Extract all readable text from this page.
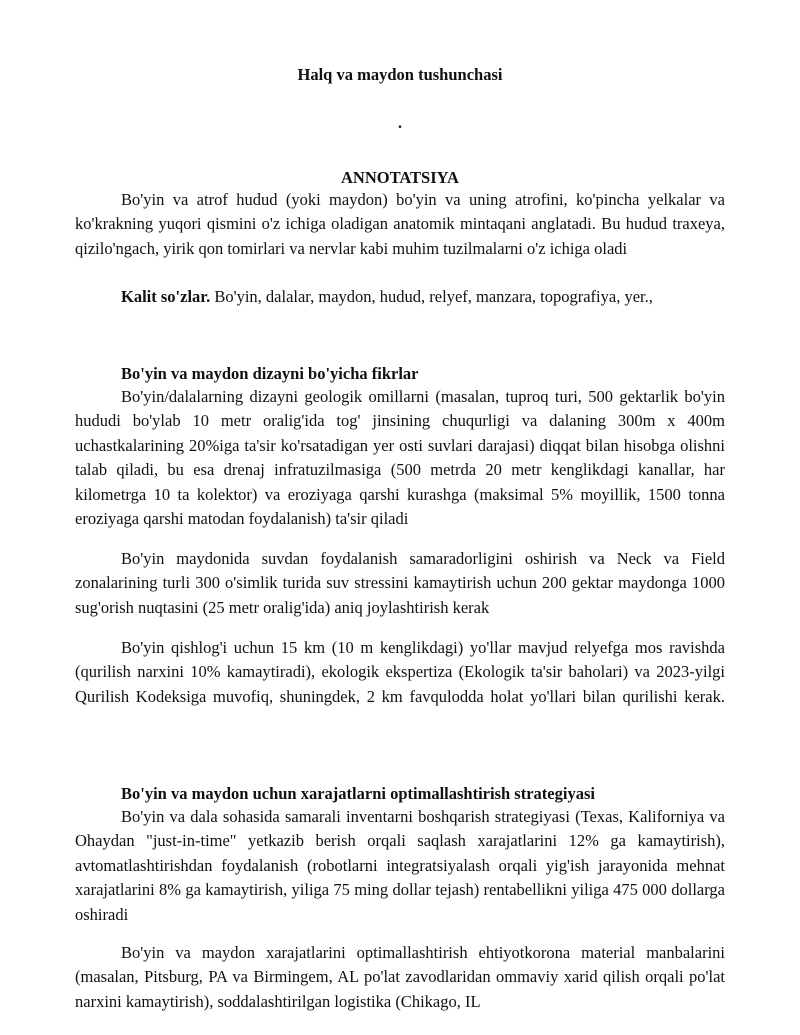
Halq va maydon tushunchasi
.
ANNOTATSIYA

Bo'yin va atrof hudud (yoki maydon) bo'yin va uning atrofini, ko'pincha yelkalar va ko'krakning yuqori qismini o'z ichiga oladigan anatomik mintaqani anglatadi. Bu hudud traxeya, qizilo'ngach, yirik qon tomirlari va nervlar kabi muhim tuzilmalarni o'z ichiga oladi

Kalit so'zlar. Bo'yin, dalalar, maydon, hudud, relyef, manzara, topografiya, yer.,

Bo'yin va maydon dizayni bo'yicha fikrlar

Bo'yin/dalalarning dizayni geologik omillarni (masalan, tuproq turi, 500 gektarlik bo'yin hududi bo'ylab 10 metr oralig'ida tog' jinsining chuqurligi va dalaning 300m x 400m uchastkalarining 20%iga ta'sir ko'rsatadigan yer osti suvlari darajasi) diqqat bilan hisobga olishni talab qiladi, bu esa drenaj infratuzilmasiga (500 metrda 20 metr kenglikdagi kanallar, har kilometrga 10 ta kolektor) va eroziyaga qarshi kurashga (maksimal 5% moyillik, 1500 tonna eroziyaga qarshi matodan foydalanish) ta'sir qiladi

Bo'yin maydonida suvdan foydalanish samaradorligini oshirish va Neck va Field zonalarining turli 300 o'simlik turida suv stressini kamaytirish uchun 200 gektar maydonga 1000 sug'orish nuqtasini (25 metr oralig'ida) aniq joylashtirish kerak

Bo'yin qishlog'i uchun 15 km (10 m kenglikdagi) yo'llar mavjud relyefga mos ravishda (qurilish narxini 10% kamaytiradi), ekologik ekspertiza (Ekologik ta'sir baholari) va 2023-yilgi Qurilish Kodeksiga muvofiq, shuningdek, 2 km favqulodda holat yo'llari bilan qurilishi kerak.

Bo'yin va maydon uchun xarajatlarni optimallashtirish strategiyasi

Bo'yin va dala sohasida samarali inventarni boshqarish strategiyasi (Texas, Kaliforniya va Ohaydan "just-in-time" yetkazib berish orqali saqlash xarajatlarini 12% ga kamaytirish), avtomatlashtirishdan foydalanish (robotlarni integratsiyalash orqali yig'ish jarayonida mehnat xarajatlarini 8% ga kamaytirish, yiliga 75 ming dollar tejash) rentabellikni yiliga 475 000 dollarga oshiradi

Bo'yin va maydon xarajatlarini optimallashtirish ehtiyotkorona material manbalarini (masalan, Pitsburg, PA va Birmingem, AL po'lat zavodlaridan ommaviy xarid qilish orqali po'lat narxini kamaytirish), soddalashtirilgan logistika (Chikago, IL
